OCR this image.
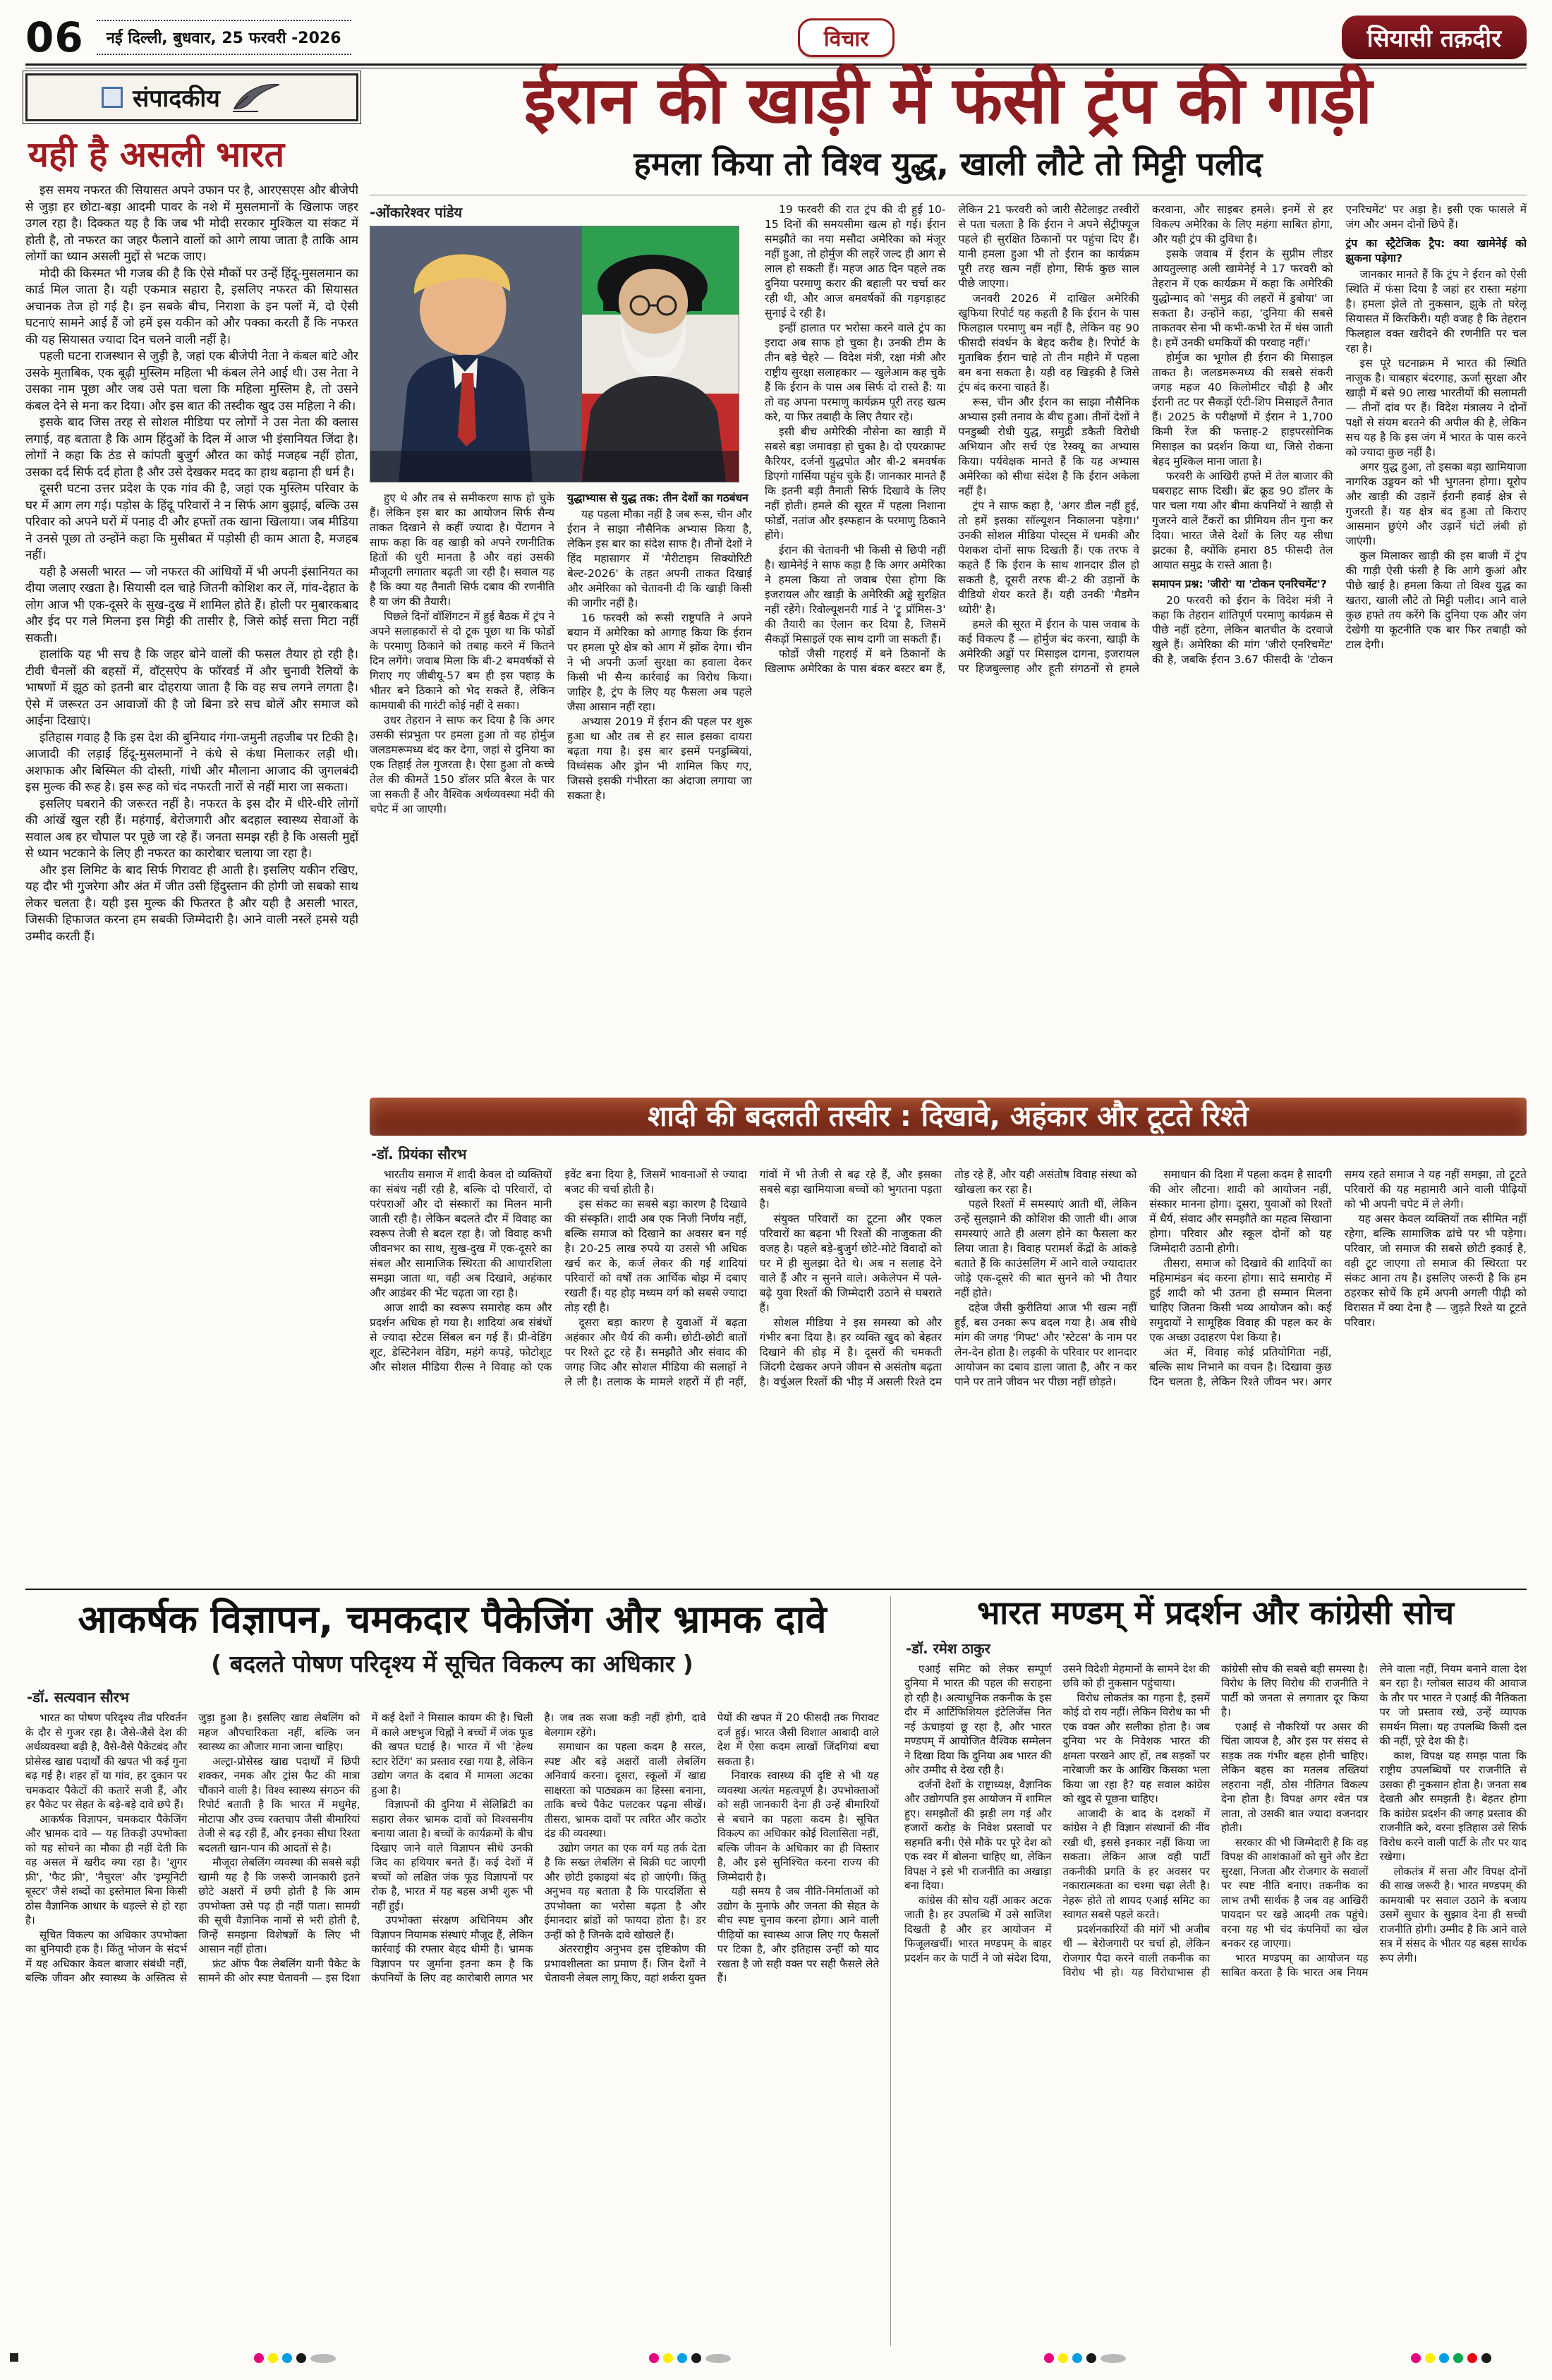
06	नई दिल्ली, बुधवार, 25 फरवरी -2026	विचार	सियासी तक़दीर
संपादकीय
यही है असली भारत

इस समय नफरत की सियासत अपने उफान पर है, आरएसएस और बीजेपी से जुड़ा हर छोटा-बड़ा आदमी पावर के नशे में मुसलमानों के खिलाफ जहर उगल रहा है। दिक्कत यह है कि जब भी मोदी सरकार मुश्किल या संकट में होती है, तो नफरत का जहर फैलाने वालों को आगे लाया जाता है ताकि आम लोगों का ध्यान असली मुद्दों से भटक जाए।

मोदी की किस्मत भी गजब की है कि ऐसे मौकों पर उन्हें हिंदू-मुसलमान का कार्ड मिल जाता है। यही एकमात्र सहारा है, इसलिए नफरत की सियासत अचानक तेज हो गई है। इन सबके बीच, निराशा के इन पलों में, दो ऐसी घटनाएं सामने आई हैं जो हमें इस यकीन को और पक्का करती हैं कि नफरत की यह सियासत ज्यादा दिन चलने वाली नहीं है।

पहली घटना राजस्थान से जुड़ी है, जहां एक बीजेपी नेता ने कंबल बांटे और उसके मुताबिक, एक बूढ़ी मुस्लिम महिला भी कंबल लेने आई थी। उस नेता ने उसका नाम पूछा और जब उसे पता चला कि महिला मुस्लिम है, तो उसने कंबल देने से मना कर दिया। और इस बात की तस्दीक खुद उस महिला ने की।

इसके बाद जिस तरह से सोशल मीडिया पर लोगों ने उस नेता की क्लास लगाई, वह बताता है कि आम हिंदुओं के दिल में आज भी इंसानियत जिंदा है। लोगों ने कहा कि ठंड से कांपती बुजुर्ग औरत का कोई मजहब नहीं होता, उसका दर्द सिर्फ दर्द होता है और उसे देखकर मदद का हाथ बढ़ाना ही धर्म है।

दूसरी घटना उत्तर प्रदेश के एक गांव की है, जहां एक मुस्लिम परिवार के घर में आग लग गई। पड़ोस के हिंदू परिवारों ने न सिर्फ आग बुझाई, बल्कि उस परिवार को अपने घरों में पनाह दी और हफ्तों तक खाना खिलाया। जब मीडिया ने उनसे पूछा तो उन्होंने कहा कि मुसीबत में पड़ोसी ही काम आता है, मजहब नहीं।

यही है असली भारत — जो नफरत की आंधियों में भी अपनी इंसानियत का दीया जलाए रखता है। सियासी दल चाहे जितनी कोशिश कर लें, गांव-देहात के लोग आज भी एक-दूसरे के सुख-दुख में शामिल होते हैं। होली पर मुबारकबाद और ईद पर गले मिलना इस मिट्टी की तासीर है, जिसे कोई सत्ता मिटा नहीं सकती।

हालांकि यह भी सच है कि जहर बोने वालों की फसल तैयार हो रही है। टीवी चैनलों की बहसों में, वॉट्सऐप के फॉरवर्ड में और चुनावी रैलियों के भाषणों में झूठ को इतनी बार दोहराया जाता है कि वह सच लगने लगता है। ऐसे में जरूरत उन आवाजों की है जो बिना डरे सच बोलें और समाज को आईना दिखाएं।

इतिहास गवाह है कि इस देश की बुनियाद गंगा-जमुनी तहजीब पर टिकी है। आजादी की लड़ाई हिंदू-मुसलमानों ने कंधे से कंधा मिलाकर लड़ी थी। अशफाक और बिस्मिल की दोस्ती, गांधी और मौलाना आजाद की जुगलबंदी इस मुल्क की रूह है। इस रूह को चंद नफरती नारों से नहीं मारा जा सकता।

इसलिए घबराने की जरूरत नहीं है। नफरत के इस दौर में धीरे-धीरे लोगों की आंखें खुल रही हैं। महंगाई, बेरोजगारी और बदहाल स्वास्थ्य सेवाओं के सवाल अब हर चौपाल पर पूछे जा रहे हैं। जनता समझ रही है कि असली मुद्दों से ध्यान भटकाने के लिए ही नफरत का कारोबार चलाया जा रहा है।

और इस लिमिट के बाद सिर्फ गिरावट ही आती है। इसलिए यकीन रखिए, यह दौर भी गुजरेगा और अंत में जीत उसी हिंदुस्तान की होगी जो सबको साथ लेकर चलता है। यही इस मुल्क की फितरत है और यही है असली भारत, जिसकी हिफाजत करना हम सबकी जिम्मेदारी है। आने वाली नस्लें हमसे यही उम्मीद करती हैं।

ईरान की खाड़ी में फंसी ट्रंप की गाड़ी
हमला किया तो विश्व युद्ध, खाली लौटे तो मिट्टी पलीद
-ओंकारेश्वर पांडेय

हुए थे और तब से समीकरण साफ हो चुके हैं। लेकिन इस बार का आयोजन सिर्फ सैन्य ताकत दिखाने से कहीं ज्यादा है। पेंटागन ने साफ कहा कि वह खाड़ी को अपने रणनीतिक हितों की धुरी मानता है और वहां उसकी मौजूदगी लगातार बढ़ती जा रही है। सवाल यह है कि क्या यह तैनाती सिर्फ दबाव की रणनीति है या जंग की तैयारी।

पिछले दिनों वॉशिंगटन में हुई बैठक में ट्रंप ने अपने सलाहकारों से दो टूक पूछा था कि फोर्डो के परमाणु ठिकाने को तबाह करने में कितने दिन लगेंगे। जवाब मिला कि बी-2 बमवर्षकों से गिराए गए जीबीयू-57 बम ही इस पहाड़ के भीतर बने ठिकाने को भेद सकते हैं, लेकिन कामयाबी की गारंटी कोई नहीं दे सका।

उधर तेहरान ने साफ कर दिया है कि अगर उसकी संप्रभुता पर हमला हुआ तो वह होर्मुज जलडमरूमध्य बंद कर देगा, जहां से दुनिया का एक तिहाई तेल गुजरता है। ऐसा हुआ तो कच्चे तेल की कीमतें 150 डॉलर प्रति बैरल के पार जा सकती हैं और वैश्विक अर्थव्यवस्था मंदी की चपेट में आ जाएगी।

युद्धाभ्यास से युद्ध तक: तीन देशों का गठबंधन

यह पहला मौका नहीं है जब रूस, चीन और ईरान ने साझा नौसैनिक अभ्यास किया है, लेकिन इस बार का संदेश साफ है। तीनों देशों ने हिंद महासागर में 'मैरीटाइम सिक्योरिटी बेल्ट-2026' के तहत अपनी ताकत दिखाई और अमेरिका को चेतावनी दी कि खाड़ी किसी की जागीर नहीं है।

16 फरवरी को रूसी राष्ट्रपति ने अपने बयान में अमेरिका को आगाह किया कि ईरान पर हमला पूरे क्षेत्र को आग में झोंक देगा। चीन ने भी अपनी ऊर्जा सुरक्षा का हवाला देकर किसी भी सैन्य कार्रवाई का विरोध किया। जाहिर है, ट्रंप के लिए यह फैसला अब पहले जैसा आसान नहीं रहा।

अभ्यास 2019 में ईरान की पहल पर शुरू हुआ था और तब से हर साल इसका दायरा बढ़ता गया है। इस बार इसमें पनडुब्बियां, विध्वंसक और ड्रोन भी शामिल किए गए, जिससे इसकी गंभीरता का अंदाजा लगाया जा सकता है।

19 फरवरी की रात ट्रंप की दी हुई 10-15 दिनों की समयसीमा खत्म हो गई। ईरान समझौते का नया मसौदा अमेरिका को मंजूर नहीं हुआ, तो होर्मुज की लहरें जल्द ही आग से लाल हो सकती हैं। महज आठ दिन पहले तक दुनिया परमाणु करार की बहाली पर चर्चा कर रही थी, और आज बमवर्षकों की गड़गड़ाहट सुनाई दे रही है।

इन्हीं हालात पर भरोसा करने वाले ट्रंप का इरादा अब साफ हो चुका है। उनकी टीम के तीन बड़े चेहरे — विदेश मंत्री, रक्षा मंत्री और राष्ट्रीय सुरक्षा सलाहकार — खुलेआम कह चुके हैं कि ईरान के पास अब सिर्फ दो रास्ते हैं: या तो वह अपना परमाणु कार्यक्रम पूरी तरह खत्म करे, या फिर तबाही के लिए तैयार रहे।

इसी बीच अमेरिकी नौसेना का खाड़ी में सबसे बड़ा जमावड़ा हो चुका है। दो एयरक्राफ्ट कैरियर, दर्जनों युद्धपोत और बी-2 बमवर्षक डिएगो गार्सिया पहुंच चुके हैं। जानकार मानते हैं कि इतनी बड़ी तैनाती सिर्फ दिखावे के लिए नहीं होती। हमले की सूरत में पहला निशाना फोर्डो, नतांज और इस्फहान के परमाणु ठिकाने होंगे।

ईरान की चेतावनी भी किसी से छिपी नहीं है। खामेनेई ने साफ कहा है कि अगर अमेरिका ने हमला किया तो जवाब ऐसा होगा कि इजरायल और खाड़ी के अमेरिकी अड्डे सुरक्षित नहीं रहेंगे। रिवोल्यूशनरी गार्ड ने 'ट्रू प्रॉमिस-3' की तैयारी का ऐलान कर दिया है, जिसमें सैकड़ों मिसाइलें एक साथ दागी जा सकती हैं।

फोर्डो जैसी गहराई में बने ठिकानों के खिलाफ अमेरिका के पास बंकर बस्टर बम हैं, लेकिन 21 फरवरी को जारी सैटेलाइट तस्वीरों से पता चलता है कि ईरान ने अपने सेंट्रीफ्यूज पहले ही सुरक्षित ठिकानों पर पहुंचा दिए हैं। यानी हमला हुआ भी तो ईरान का कार्यक्रम पूरी तरह खत्म नहीं होगा, सिर्फ कुछ साल पीछे जाएगा।

जनवरी 2026 में दाखिल अमेरिकी खुफिया रिपोर्ट यह कहती है कि ईरान के पास फिलहाल परमाणु बम नहीं है, लेकिन वह 90 फीसदी संवर्धन के बेहद करीब है। रिपोर्ट के मुताबिक ईरान चाहे तो तीन महीने में पहला बम बना सकता है। यही वह खिड़की है जिसे ट्रंप बंद करना चाहते हैं।

रूस, चीन और ईरान का साझा नौसैनिक अभ्यास इसी तनाव के बीच हुआ। तीनों देशों ने पनडुब्बी रोधी युद्ध, समुद्री डकैती विरोधी अभियान और सर्च एंड रेस्क्यू का अभ्यास किया। पर्यवेक्षक मानते हैं कि यह अभ्यास अमेरिका को सीधा संदेश है कि ईरान अकेला नहीं है।

ट्रंप ने साफ कहा है, 'अगर डील नहीं हुई, तो हमें इसका सॉल्यूशन निकालना पड़ेगा।' उनकी सोशल मीडिया पोस्ट्स में धमकी और पेशकश दोनों साफ दिखती हैं। एक तरफ वे कहते हैं कि ईरान के साथ शानदार डील हो सकती है, दूसरी तरफ बी-2 की उड़ानों के वीडियो शेयर करते हैं। यही उनकी 'मैडमैन थ्योरी' है।

हमले की सूरत में ईरान के पास जवाब के कई विकल्प हैं — होर्मुज बंद करना, खाड़ी के अमेरिकी अड्डों पर मिसाइल दागना, इजरायल पर हिजबुल्लाह और हूती संगठनों से हमले करवाना, और साइबर हमले। इनमें से हर विकल्प अमेरिका के लिए महंगा साबित होगा, और यही ट्रंप की दुविधा है।

इसके जवाब में ईरान के सुप्रीम लीडर आयतुल्लाह अली खामेनेई ने 17 फरवरी को तेहरान में एक कार्यक्रम में कहा कि अमेरिकी युद्धोन्माद को 'समुद्र की लहरों में डुबोया' जा सकता है। उन्होंने कहा, 'दुनिया की सबसे ताकतवर सेना भी कभी-कभी रेत में धंस जाती है। हमें उनकी धमकियों की परवाह नहीं।'

होर्मुज का भूगोल ही ईरान की मिसाइल ताकत है। जलडमरूमध्य की सबसे संकरी जगह महज 40 किलोमीटर चौड़ी है और ईरानी तट पर सैकड़ों एंटी-शिप मिसाइलें तैनात हैं। 2025 के परीक्षणों में ईरान ने 1,700 किमी रेंज की फत्ताह-2 हाइपरसोनिक मिसाइल का प्रदर्शन किया था, जिसे रोकना बेहद मुश्किल माना जाता है।

फरवरी के आखिरी हफ्ते में तेल बाजार की घबराहट साफ दिखी। ब्रेंट क्रूड 90 डॉलर के पार चला गया और बीमा कंपनियों ने खाड़ी से गुजरने वाले टैंकरों का प्रीमियम तीन गुना कर दिया। भारत जैसे देशों के लिए यह सीधा झटका है, क्योंकि हमारा 85 फीसदी तेल आयात समुद्र के रास्ते आता है।

समापन प्रश्न: 'जीरो' या 'टोकन एनरिचमेंट'?

20 फरवरी को ईरान के विदेश मंत्री ने कहा कि तेहरान शांतिपूर्ण परमाणु कार्यक्रम से पीछे नहीं हटेगा, लेकिन बातचीत के दरवाजे खुले हैं। अमेरिका की मांग 'जीरो एनरिचमेंट' की है, जबकि ईरान 3.67 फीसदी के 'टोकन एनरिचमेंट' पर अड़ा है। इसी एक फासले में जंग और अमन दोनों छिपे हैं।

ट्रंप का स्ट्रैटेजिक ट्रैप: क्या खामेनेई को झुकना पड़ेगा?

जानकार मानते हैं कि ट्रंप ने ईरान को ऐसी स्थिति में फंसा दिया है जहां हर रास्ता महंगा है। हमला झेले तो नुकसान, झुके तो घरेलू सियासत में किरकिरी। यही वजह है कि तेहरान फिलहाल वक्त खरीदने की रणनीति पर चल रहा है।

इस पूरे घटनाक्रम में भारत की स्थिति नाजुक है। चाबहार बंदरगाह, ऊर्जा सुरक्षा और खाड़ी में बसे 90 लाख भारतीयों की सलामती — तीनों दांव पर हैं। विदेश मंत्रालय ने दोनों पक्षों से संयम बरतने की अपील की है, लेकिन सच यह है कि इस जंग में भारत के पास करने को ज्यादा कुछ नहीं है।

अगर युद्ध हुआ, तो इसका बड़ा खामियाजा नागरिक उड्डयन को भी भुगतना होगा। यूरोप और खाड़ी की उड़ानें ईरानी हवाई क्षेत्र से गुजरती हैं। यह क्षेत्र बंद हुआ तो किराए आसमान छुएंगे और उड़ानें घंटों लंबी हो जाएंगी।

कुल मिलाकर खाड़ी की इस बाजी में ट्रंप की गाड़ी ऐसी फंसी है कि आगे कुआं और पीछे खाई है। हमला किया तो विश्व युद्ध का खतरा, खाली लौटे तो मिट्टी पलीद। आने वाले कुछ हफ्ते तय करेंगे कि दुनिया एक और जंग देखेगी या कूटनीति एक बार फिर तबाही को टाल देगी।

शादी की बदलती तस्वीर : दिखावे, अहंकार और टूटते रिश्ते
-डॉ. प्रियंका सौरभ

भारतीय समाज में शादी केवल दो व्यक्तियों का संबंध नहीं रही है, बल्कि दो परिवारों, दो परंपराओं और दो संस्कारों का मिलन मानी जाती रही है। लेकिन बदलते दौर में विवाह का स्वरूप तेजी से बदल रहा है। जो विवाह कभी जीवनभर का साथ, सुख-दुख में एक-दूसरे का संबल और सामाजिक स्थिरता की आधारशिला समझा जाता था, वही अब दिखावे, अहंकार और आडंबर की भेंट चढ़ता जा रहा है।

आज शादी का स्वरूप समारोह कम और प्रदर्शन अधिक हो गया है। शादियां अब संबंधों से ज्यादा स्टेटस सिंबल बन गई हैं। प्री-वेडिंग शूट, डेस्टिनेशन वेडिंग, महंगे कपड़े, फोटोशूट और सोशल मीडिया रील्स ने विवाह को एक इवेंट बना दिया है, जिसमें भावनाओं से ज्यादा बजट की चर्चा होती है।

इस संकट का सबसे बड़ा कारण है दिखावे की संस्कृति। शादी अब एक निजी निर्णय नहीं, बल्कि समाज को दिखाने का अवसर बन गई है। 20-25 लाख रुपये या उससे भी अधिक खर्च कर के, कर्ज लेकर की गई शादियां परिवारों को वर्षों तक आर्थिक बोझ में दबाए रखती हैं। यह होड़ मध्यम वर्ग को सबसे ज्यादा तोड़ रही है।

दूसरा बड़ा कारण है युवाओं में बढ़ता अहंकार और धैर्य की कमी। छोटी-छोटी बातों पर रिश्ते टूट रहे हैं। समझौते और संवाद की जगह जिद और सोशल मीडिया की सलाहों ने ले ली है। तलाक के मामले शहरों में ही नहीं, गांवों में भी तेजी से बढ़ रहे हैं, और इसका सबसे बड़ा खामियाजा बच्चों को भुगतना पड़ता है।

संयुक्त परिवारों का टूटना और एकल परिवारों का बढ़ना भी रिश्तों की नाजुकता की वजह है। पहले बड़े-बुजुर्ग छोटे-मोटे विवादों को घर में ही सुलझा देते थे। अब न सलाह देने वाले हैं और न सुनने वाले। अकेलेपन में पले-बढ़े युवा रिश्तों की जिम्मेदारी उठाने से घबराते हैं।

सोशल मीडिया ने इस समस्या को और गंभीर बना दिया है। हर व्यक्ति खुद को बेहतर दिखाने की होड़ में है। दूसरों की चमकती जिंदगी देखकर अपने जीवन से असंतोष बढ़ता है। वर्चुअल रिश्तों की भीड़ में असली रिश्ते दम तोड़ रहे हैं, और यही असंतोष विवाह संस्था को खोखला कर रहा है।

पहले रिश्तों में समस्याएं आती थीं, लेकिन उन्हें सुलझाने की कोशिश की जाती थी। आज समस्याएं आते ही अलग होने का फैसला कर लिया जाता है। विवाह परामर्श केंद्रों के आंकड़े बताते हैं कि काउंसलिंग में आने वाले ज्यादातर जोड़े एक-दूसरे की बात सुनने को भी तैयार नहीं होते।

दहेज जैसी कुरीतियां आज भी खत्म नहीं हुईं, बस उनका रूप बदल गया है। अब सीधे मांग की जगह 'गिफ्ट' और 'स्टेटस' के नाम पर लेन-देन होता है। लड़की के परिवार पर शानदार आयोजन का दबाव डाला जाता है, और न कर पाने पर ताने जीवन भर पीछा नहीं छोड़ते।

समाधान की दिशा में पहला कदम है सादगी की ओर लौटना। शादी को आयोजन नहीं, संस्कार मानना होगा। दूसरा, युवाओं को रिश्तों में धैर्य, संवाद और समझौते का महत्व सिखाना होगा। परिवार और स्कूल दोनों को यह जिम्मेदारी उठानी होगी।

तीसरा, समाज को दिखावे की शादियों का महिमामंडन बंद करना होगा। सादे समारोह में हुई शादी को भी उतना ही सम्मान मिलना चाहिए जितना किसी भव्य आयोजन को। कई समुदायों ने सामूहिक विवाह की पहल कर के एक अच्छा उदाहरण पेश किया है।

अंत में, विवाह कोई प्रतियोगिता नहीं, बल्कि साथ निभाने का वचन है। दिखावा कुछ दिन चलता है, लेकिन रिश्ते जीवन भर। अगर समय रहते समाज ने यह नहीं समझा, तो टूटते परिवारों की यह महामारी आने वाली पीढ़ियों को भी अपनी चपेट में ले लेगी।

यह असर केवल व्यक्तियों तक सीमित नहीं रहेगा, बल्कि सामाजिक ढांचे पर भी पड़ेगा। परिवार, जो समाज की सबसे छोटी इकाई है, वही टूट जाएगा तो समाज की स्थिरता पर संकट आना तय है। इसलिए जरूरी है कि हम ठहरकर सोचें कि हमें अपनी अगली पीढ़ी को विरासत में क्या देना है — जुड़ते रिश्ते या टूटते परिवार।

आकर्षक विज्ञापन, चमकदार पैकेजिंग और भ्रामक दावे
( बदलते पोषण परिदृश्य में सूचित विकल्प का अधिकार )
-डॉ. सत्यवान सौरभ

भारत का पोषण परिदृश्य तीव्र परिवर्तन के दौर से गुजर रहा है। जैसे-जैसे देश की अर्थव्यवस्था बढ़ी है, वैसे-वैसे पैकेटबंद और प्रोसेस्ड खाद्य पदार्थों की खपत भी कई गुना बढ़ गई है। शहर हों या गांव, हर दुकान पर चमकदार पैकेटों की कतारें सजी हैं, और हर पैकेट पर सेहत के बड़े-बड़े दावे छपे हैं।

आकर्षक विज्ञापन, चमकदार पैकेजिंग और भ्रामक दावे — यह तिकड़ी उपभोक्ता को यह सोचने का मौका ही नहीं देती कि वह असल में खरीद क्या रहा है। 'शुगर फ्री', 'फैट फ्री', 'नैचुरल' और 'इम्यूनिटी बूस्टर' जैसे शब्दों का इस्तेमाल बिना किसी ठोस वैज्ञानिक आधार के धड़ल्ले से हो रहा है।

सूचित विकल्प का अधिकार उपभोक्ता का बुनियादी हक है। किंतु भोजन के संदर्भ में यह अधिकार केवल बाजार संबंधी नहीं, बल्कि जीवन और स्वास्थ्य के अस्तित्व से जुड़ा हुआ है। इसलिए खाद्य लेबलिंग को महज औपचारिकता नहीं, बल्कि जन स्वास्थ्य का औजार माना जाना चाहिए।

अल्ट्रा-प्रोसेस्ड खाद्य पदार्थों में छिपी शक्कर, नमक और ट्रांस फैट की मात्रा चौंकाने वाली है। विश्व स्वास्थ्य संगठन की रिपोर्ट बताती है कि भारत में मधुमेह, मोटापा और उच्च रक्तचाप जैसी बीमारियां तेजी से बढ़ रही हैं, और इनका सीधा रिश्ता बदलती खान-पान की आदतों से है।

मौजूदा लेबलिंग व्यवस्था की सबसे बड़ी खामी यह है कि जरूरी जानकारी इतने छोटे अक्षरों में छपी होती है कि आम उपभोक्ता उसे पढ़ ही नहीं पाता। सामग्री की सूची वैज्ञानिक नामों से भरी होती है, जिन्हें समझना विशेषज्ञों के लिए भी आसान नहीं होता।

फ्रंट ऑफ पैक लेबलिंग यानी पैकेट के सामने की ओर स्पष्ट चेतावनी — इस दिशा में कई देशों ने मिसाल कायम की है। चिली में काले अष्टभुज चिह्नों ने बच्चों में जंक फूड की खपत घटाई है। भारत में भी 'हेल्थ स्टार रेटिंग' का प्रस्ताव रखा गया है, लेकिन उद्योग जगत के दबाव में मामला अटका हुआ है।

विज्ञापनों की दुनिया में सेलिब्रिटी का सहारा लेकर भ्रामक दावों को विश्वसनीय बनाया जाता है। बच्चों के कार्यक्रमों के बीच दिखाए जाने वाले विज्ञापन सीधे उनकी जिद का हथियार बनते हैं। कई देशों में बच्चों को लक्षित जंक फूड विज्ञापनों पर रोक है, भारत में यह बहस अभी शुरू भी नहीं हुई।

उपभोक्ता संरक्षण अधिनियम और विज्ञापन नियामक संस्थाएं मौजूद हैं, लेकिन कार्रवाई की रफ्तार बेहद धीमी है। भ्रामक विज्ञापन पर जुर्माना इतना कम है कि कंपनियों के लिए वह कारोबारी लागत भर है। जब तक सजा कड़ी नहीं होगी, दावे बेलगाम रहेंगे।

समाधान का पहला कदम है सरल, स्पष्ट और बड़े अक्षरों वाली लेबलिंग अनिवार्य करना। दूसरा, स्कूलों में खाद्य साक्षरता को पाठ्यक्रम का हिस्सा बनाना, ताकि बच्चे पैकेट पलटकर पढ़ना सीखें। तीसरा, भ्रामक दावों पर त्वरित और कठोर दंड की व्यवस्था।

उद्योग जगत का एक वर्ग यह तर्क देता है कि सख्त लेबलिंग से बिक्री घट जाएगी और छोटी इकाइयां बंद हो जाएंगी। किंतु अनुभव यह बताता है कि पारदर्शिता से उपभोक्ता का भरोसा बढ़ता है और ईमानदार ब्रांडों को फायदा होता है। डर उन्हीं को है जिनके दावे खोखले हैं।

अंतरराष्ट्रीय अनुभव इस दृष्टिकोण की प्रभावशीलता का प्रमाण हैं। जिन देशों ने चेतावनी लेबल लागू किए, वहां शर्करा युक्त पेयों की खपत में 20 फीसदी तक गिरावट दर्ज हुई। भारत जैसी विशाल आबादी वाले देश में ऐसा कदम लाखों जिंदगियां बचा सकता है।

निवारक स्वास्थ्य की दृष्टि से भी यह व्यवस्था अत्यंत महत्वपूर्ण है। उपभोक्ताओं को सही जानकारी देना ही उन्हें बीमारियों से बचाने का पहला कदम है। सूचित विकल्प का अधिकार कोई विलासिता नहीं, बल्कि जीवन के अधिकार का ही विस्तार है, और इसे सुनिश्चित करना राज्य की जिम्मेदारी है।

यही समय है जब नीति-निर्माताओं को उद्योग के मुनाफे और जनता की सेहत के बीच स्पष्ट चुनाव करना होगा। आने वाली पीढ़ियों का स्वास्थ्य आज लिए गए फैसलों पर टिका है, और इतिहास उन्हीं को याद रखता है जो सही वक्त पर सही फैसले लेते हैं।

भारत मण्डम् में प्रदर्शन और कांग्रेसी सोच
-डॉ. रमेश ठाकुर

एआई समिट को लेकर सम्पूर्ण दुनिया में भारत की पहल की सराहना हो रही है। अत्याधुनिक तकनीक के इस दौर में आर्टिफिशियल इंटेलिजेंस नित नई ऊंचाइयां छू रहा है, और भारत मण्डपम् में आयोजित वैश्विक सम्मेलन ने दिखा दिया कि दुनिया अब भारत की ओर उम्मीद से देख रही है।

दर्जनों देशों के राष्ट्राध्यक्ष, वैज्ञानिक और उद्योगपति इस आयोजन में शामिल हुए। समझौतों की झड़ी लग गई और हजारों करोड़ के निवेश प्रस्तावों पर सहमति बनी। ऐसे मौके पर पूरे देश को एक स्वर में बोलना चाहिए था, लेकिन विपक्ष ने इसे भी राजनीति का अखाड़ा बना दिया।

कांग्रेस की सोच यहीं आकर अटक जाती है। हर उपलब्धि में उसे साजिश दिखती है और हर आयोजन में फिजूलखर्ची। भारत मण्डपम् के बाहर प्रदर्शन कर के पार्टी ने जो संदेश दिया, उसने विदेशी मेहमानों के सामने देश की छवि को ही नुकसान पहुंचाया।

विरोध लोकतंत्र का गहना है, इसमें कोई दो राय नहीं। लेकिन विरोध का भी एक वक्त और सलीका होता है। जब दुनिया भर के निवेशक भारत की क्षमता परखने आए हों, तब सड़कों पर नारेबाजी कर के आखिर किसका भला किया जा रहा है? यह सवाल कांग्रेस को खुद से पूछना चाहिए।

आजादी के बाद के दशकों में कांग्रेस ने ही विज्ञान संस्थानों की नींव रखी थी, इससे इनकार नहीं किया जा सकता। लेकिन आज वही पार्टी तकनीकी प्रगति के हर अवसर पर नकारात्मकता का चश्मा चढ़ा लेती है। नेहरू होते तो शायद एआई समिट का स्वागत सबसे पहले करते।

प्रदर्शनकारियों की मांगें भी अजीब थीं — बेरोजगारी पर चर्चा हो, लेकिन रोजगार पैदा करने वाली तकनीक का विरोध भी हो। यह विरोधाभास ही कांग्रेसी सोच की सबसे बड़ी समस्या है। विरोध के लिए विरोध की राजनीति ने पार्टी को जनता से लगातार दूर किया है।

एआई से नौकरियों पर असर की चिंता जायज है, और इस पर संसद से सड़क तक गंभीर बहस होनी चाहिए। लेकिन बहस का मतलब तख्तियां लहराना नहीं, ठोस नीतिगत विकल्प देना होता है। विपक्ष अगर श्वेत पत्र लाता, तो उसकी बात ज्यादा वजनदार होती।

सरकार की भी जिम्मेदारी है कि वह विपक्ष की आशंकाओं को सुने और डेटा सुरक्षा, निजता और रोजगार के सवालों पर स्पष्ट नीति बनाए। तकनीक का लाभ तभी सार्थक है जब वह आखिरी पायदान पर खड़े आदमी तक पहुंचे। वरना यह भी चंद कंपनियों का खेल बनकर रह जाएगा।

भारत मण्डपम् का आयोजन यह साबित करता है कि भारत अब नियम लेने वाला नहीं, नियम बनाने वाला देश बन रहा है। ग्लोबल साउथ की आवाज के तौर पर भारत ने एआई की नैतिकता पर जो प्रस्ताव रखे, उन्हें व्यापक समर्थन मिला। यह उपलब्धि किसी दल की नहीं, पूरे देश की है।

काश, विपक्ष यह समझ पाता कि राष्ट्रीय उपलब्धियों पर राजनीति से उसका ही नुकसान होता है। जनता सब देखती और समझती है। बेहतर होगा कि कांग्रेस प्रदर्शन की जगह प्रस्ताव की राजनीति करे, वरना इतिहास उसे सिर्फ विरोध करने वाली पार्टी के तौर पर याद रखेगा।

लोकतंत्र में सत्ता और विपक्ष दोनों की साख जरूरी है। भारत मण्डपम् की कामयाबी पर सवाल उठाने के बजाय उसमें सुधार के सुझाव देना ही सच्ची राजनीति होगी। उम्मीद है कि आने वाले सत्र में संसद के भीतर यह बहस सार्थक रूप लेगी।
